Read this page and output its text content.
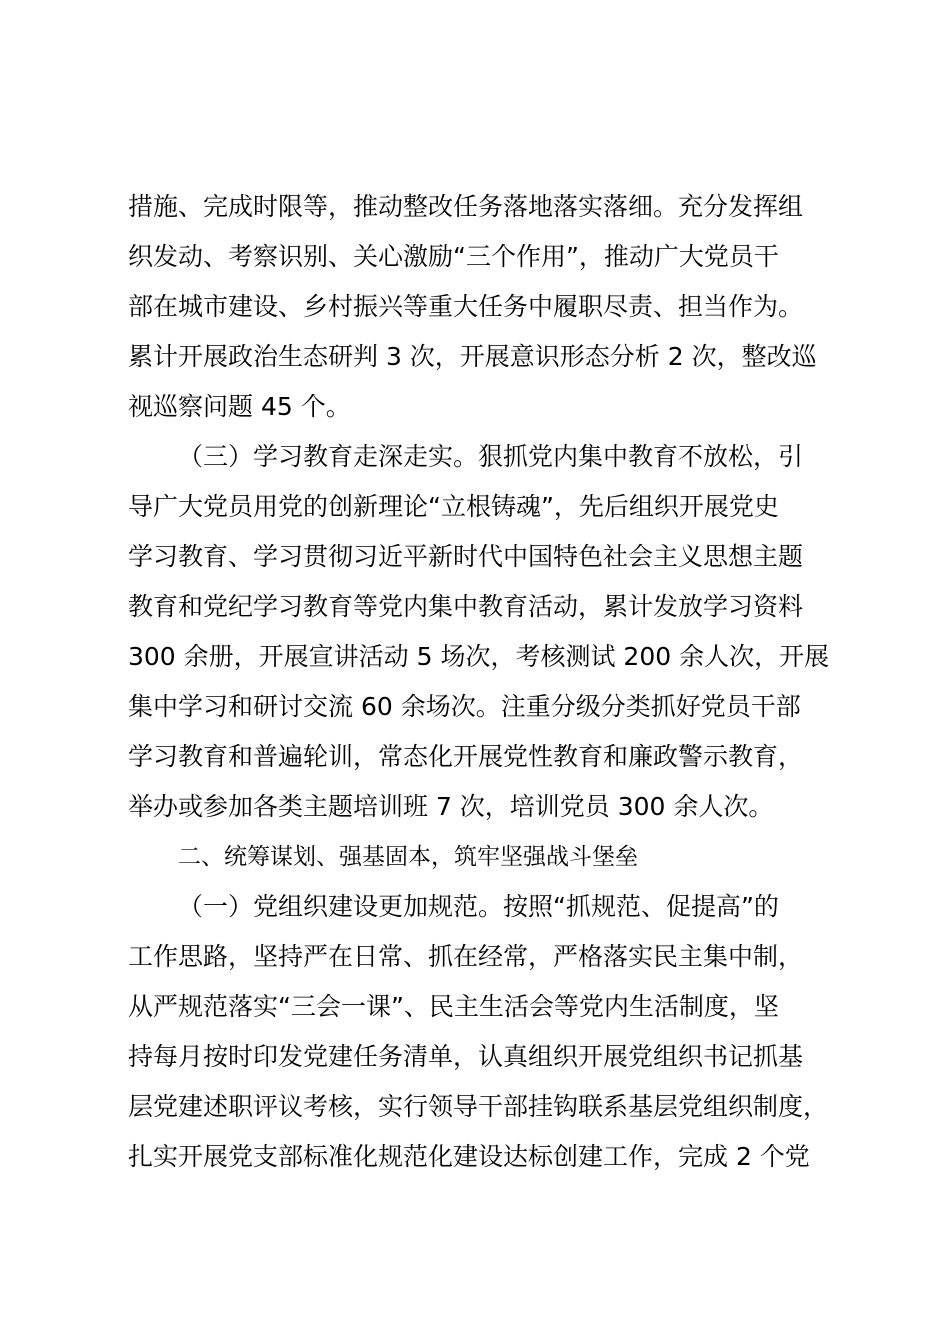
措施、完成时限等，推动整改任务落地落实落细。充分发挥组

织发动、考察识别、关心激励“三个作用”，推动广大党员干

部在城市建设、乡村振兴等重大任务中履职尽责、担当作为。

累计开展政治生态研判 3 次，开展意识形态分析 2 次，整改巡

视巡察问题 45 个。

（三）学习教育走深走实。狠抓党内集中教育不放松，引

导广大党员用党的创新理论“立根铸魂”，先后组织开展党史

学习教育、学习贯彻习近平新时代中国特色社会主义思想主题

教育和党纪学习教育等党内集中教育活动，累计发放学习资料

300 余册，开展宣讲活动 5 场次，考核测试 200 余人次，开展

集中学习和研讨交流 60 余场次。注重分级分类抓好党员干部

学习教育和普遍轮训，常态化开展党性教育和廉政警示教育，

举办或参加各类主题培训班 7 次，培训党员 300 余人次。

二、统筹谋划、强基固本，筑牢坚强战斗堡垒

（一）党组织建设更加规范。按照“抓规范、促提高”的

工作思路，坚持严在日常、抓在经常，严格落实民主集中制，

从严规范落实“三会一课”、民主生活会等党内生活制度，坚

持每月按时印发党建任务清单，认真组织开展党组织书记抓基

层党建述职评议考核，实行领导干部挂钩联系基层党组织制度，

扎实开展党支部标准化规范化建设达标创建工作，完成 2 个党
